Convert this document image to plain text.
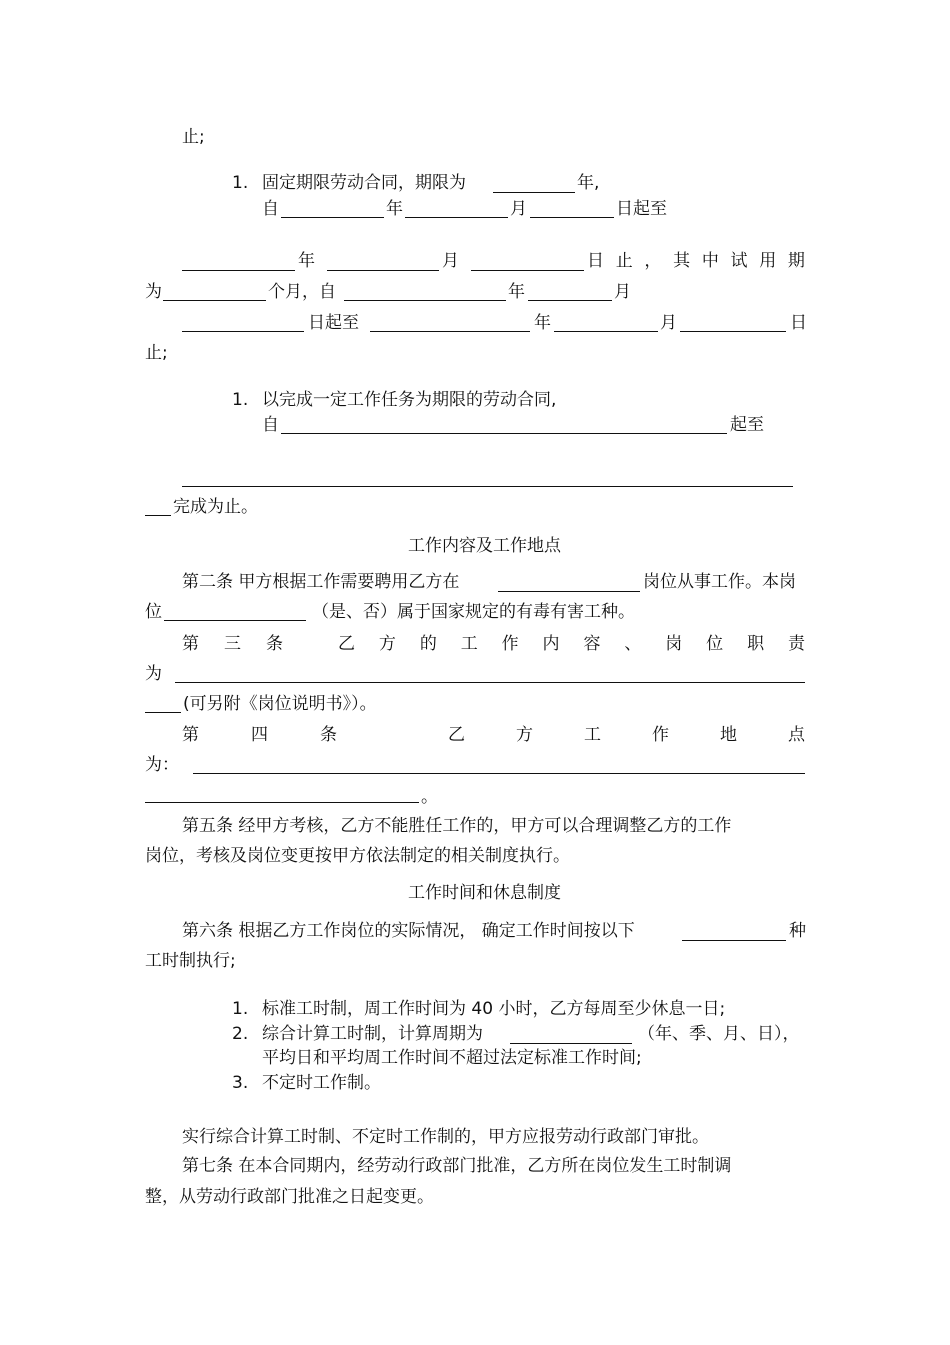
止;
1. 固定期限劳动合同，期限为	年,
自	年	月	日起至
年	月	日 止 ， 其 中 试 用 期
为	个月，自	年	月
日起至	年	月	日
止;
1. 以完成一定工作任务为期限的劳动合同,
自	起至
完成为止。
工作内容及工作地点
第二条 甲方根据工作需要聘用乙方在	岗位从事工作。本岗
位	（是、否）属于国家规定的有毒有害工种。
第 三 条	乙 方 的 工 作 内 容 、 岗 位 职 责
为
(可另附《岗位说明书》）。
第	四	条	乙	方	工	作	地	点
为：
。
第五条 经甲方考核，乙方不能胜任工作的，甲方可以合理调整乙方的工作
岗位，考核及岗位变更按甲方依法制定的相关制度执行。
工作时间和休息制度
第六条 根据乙方工作岗位的实际情况， 确定工作时间按以下	种
工时制执行;
1. 标准工时制，周工作时间为 40 小时，乙方每周至少休息一日;
2. 综合计算工时制，计算周期为	（年、季、月、日），
平均日和平均周工作时间不超过法定标准工作时间;
3. 不定时工作制。
实行综合计算工时制、不定时工作制的，甲方应报劳动行政部门审批。
第七条 在本合同期内，经劳动行政部门批准，乙方所在岗位发生工时制调
整，从劳动行政部门批准之日起变更。
